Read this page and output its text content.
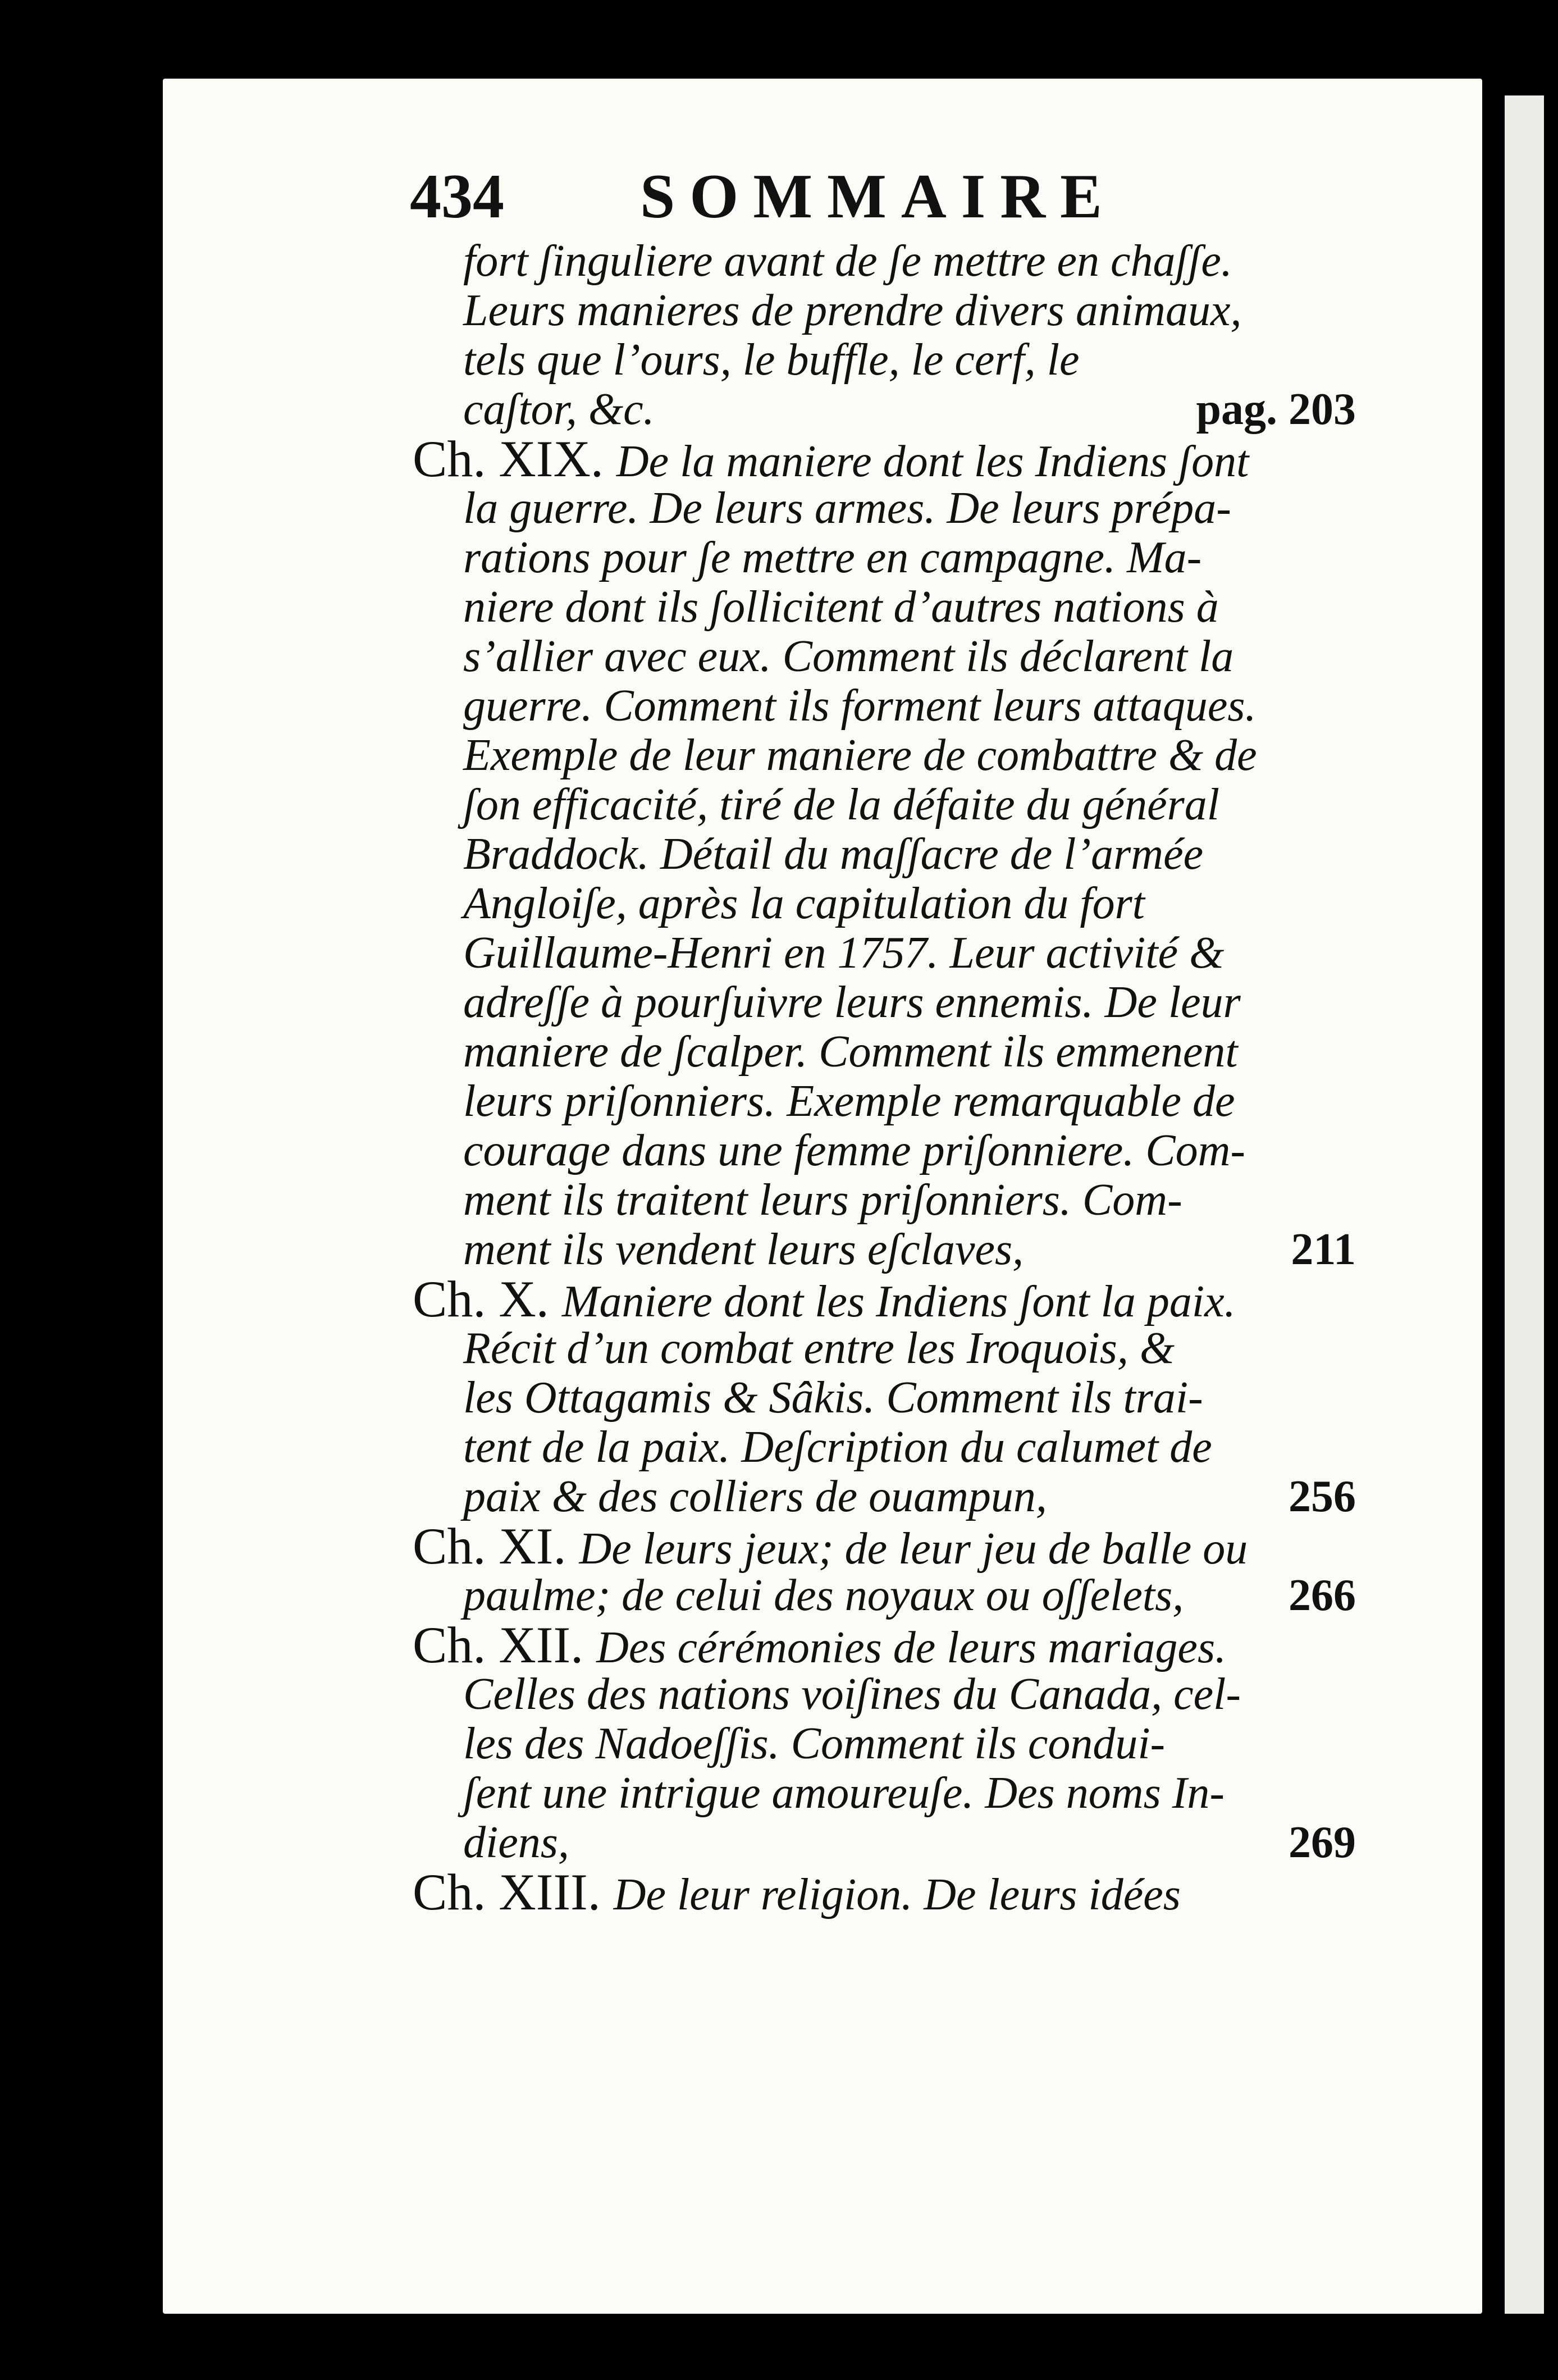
434 SOMMAIRE
fort ʃinguliere avant de ʃe mettre en chaʃʃe.
Leurs manieres de prendre divers animaux,
tels que l’ours, le buffle, le cerf, le
caʃtor, &c.	pag. 203
Ch. XIX. De la maniere dont les Indiens ʃont
la guerre. De leurs armes. De leurs prépa-
rations pour ʃe mettre en campagne. Ma-
niere dont ils ʃollicitent d’autres nations à
s’allier avec eux. Comment ils déclarent la
guerre. Comment ils forment leurs attaques.
Exemple de leur maniere de combattre & de
ʃon efficacité, tiré de la défaite du général
Braddock. Détail du maʃʃacre de l’armée
Angloiʃe, après la capitulation du fort
Guillaume-Henri en 1757. Leur activité &
adreʃʃe à pourʃuivre leurs ennemis. De leur
maniere de ʃcalper. Comment ils emmenent
leurs priʃonniers. Exemple remarquable de
courage dans une femme priʃonniere. Com-
ment ils traitent leurs priʃonniers. Com-
ment ils vendent leurs eʃclaves,	211
Ch. X. Maniere dont les Indiens ʃont la paix.
Récit d’un combat entre les Iroquois, &
les Ottagamis & Sâkis. Comment ils trai-
tent de la paix. Deʃcription du calumet de
paix & des colliers de ouampun,	256
Ch. XI. De leurs jeux; de leur jeu de balle ou
paulme; de celui des noyaux ou oʃʃelets, 266
Ch. XII. Des cérémonies de leurs mariages.
Celles des nations voiʃines du Canada, cel-
les des Nadoeʃʃis. Comment ils condui-
ʃent une intrigue amoureuʃe. Des noms In-
diens,	269
Ch. XIII. De leur religion. De leurs idées
